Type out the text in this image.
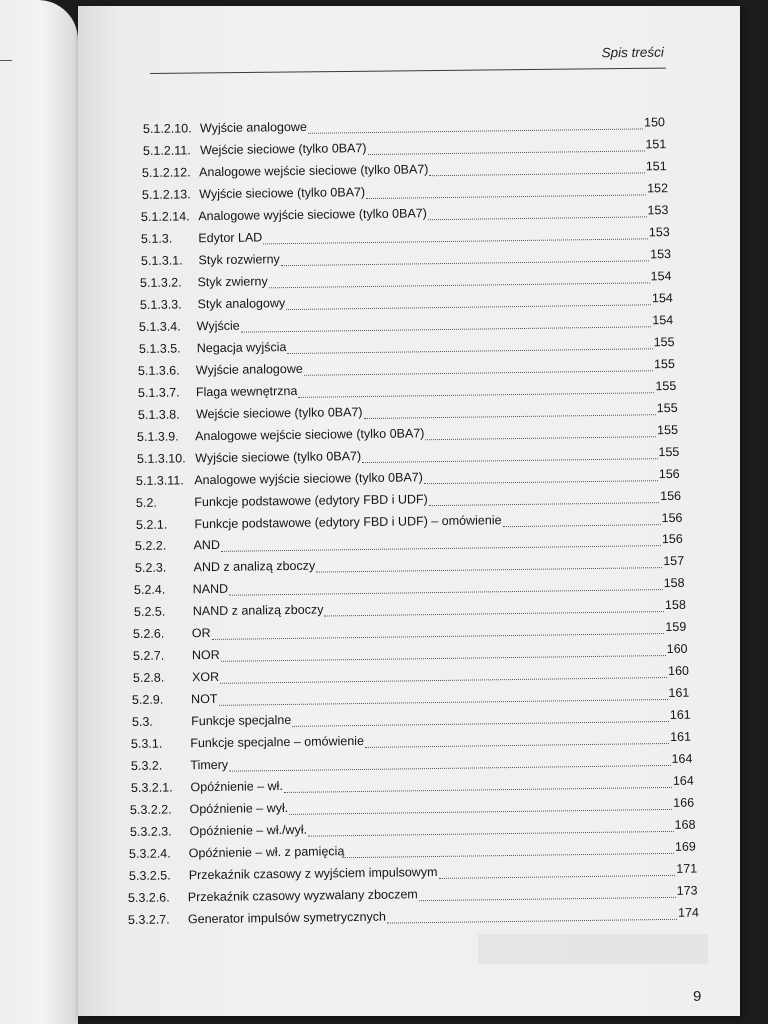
Spis treści
5.1.2.10. Wyjście analogowe	150
5.1.2.11. Wejście sieciowe (tylko 0BA7)	151
5.1.2.12. Analogowe wejście sieciowe (tylko 0BA7)	151
5.1.2.13. Wyjście sieciowe (tylko 0BA7)	152
5.1.2.14. Analogowe wyjście sieciowe (tylko 0BA7)	153
5.1.3.	Edytor LAD	153
5.1.3.1.	Styk rozwierny	153
5.1.3.2.	Styk zwierny	154
5.1.3.3.	Styk analogowy	154
5.1.3.4.	Wyjście	154
5.1.3.5.	Negacja wyjścia	155
5.1.3.6.	Wyjście analogowe	155
5.1.3.7.	Flaga wewnętrzna	155
5.1.3.8.	Wejście sieciowe (tylko 0BA7)	155
5.1.3.9.	Analogowe wejście sieciowe (tylko 0BA7)	155
5.1.3.10. Wyjście sieciowe (tylko 0BA7)	155
5.1.3.11. Analogowe wyjście sieciowe (tylko 0BA7)	156
5.2.	Funkcje podstawowe (edytory FBD i UDF)	156
5.2.1.	Funkcje podstawowe (edytory FBD i UDF) – omówienie	156
5.2.2.	AND	156
5.2.3.	AND z analizą zboczy	157
5.2.4.	NAND	158
5.2.5.	NAND z analizą zboczy	158
5.2.6.	OR	159
5.2.7.	NOR	160
5.2.8.	XOR	160
5.2.9.	NOT	161
5.3.	Funkcje specjalne	161
5.3.1.	Funkcje specjalne – omówienie	161
5.3.2.	Timery	164
5.3.2.1.	Opóźnienie – wł.	164
5.3.2.2.	Opóźnienie – wył.	166
5.3.2.3.	Opóźnienie – wł./wył.	168
5.3.2.4.	Opóźnienie – wł. z pamięcią	169
5.3.2.5.	Przekaźnik czasowy z wyjściem impulsowym	171
5.3.2.6.	Przekaźnik czasowy wyzwalany zboczem	173
5.3.2.7.	Generator impulsów symetrycznych	174
9
